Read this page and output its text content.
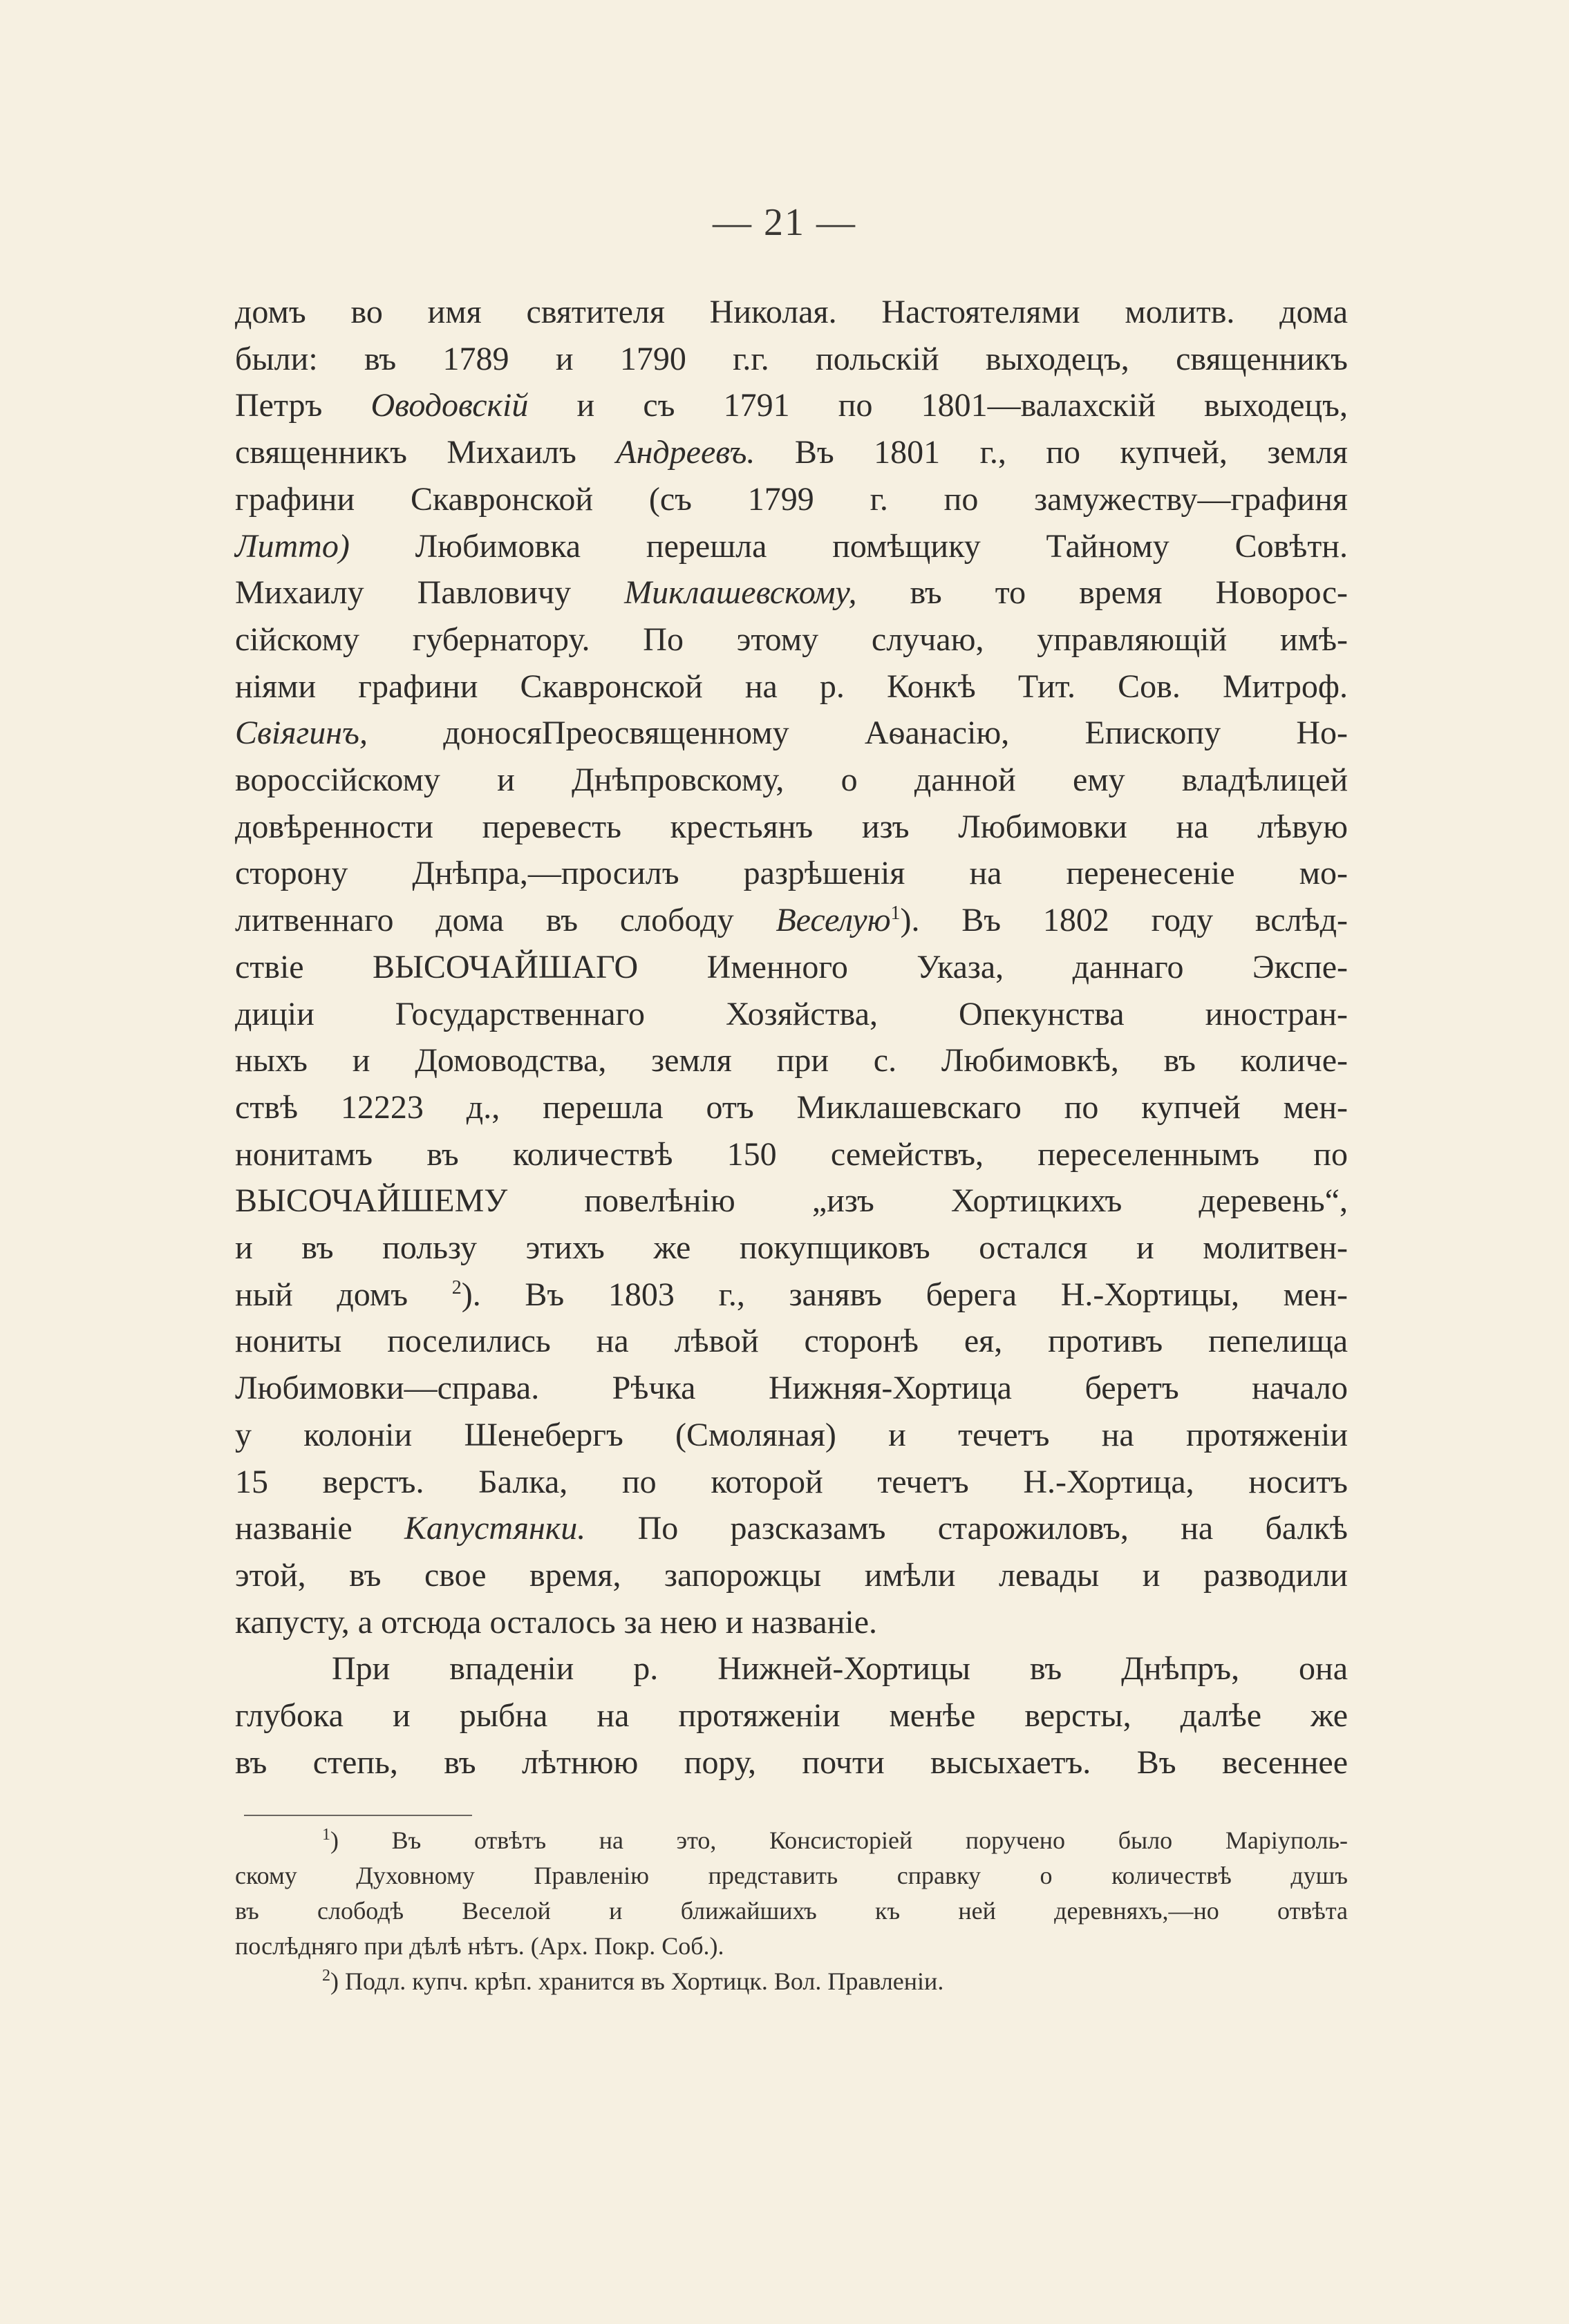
— 21 —
домъ во имя святителя Николая. Настоятелями молитв. дома
были: въ 1789 и 1790 г.г. польскій выходецъ, священникъ
Петръ Оводовскій и съ 1791 по 1801—валахскій выходецъ,
священникъ Михаилъ Андреевъ. Въ 1801 г., по купчей, земля
графини Скавронской (съ 1799 г. по замужеству—графиня
Литто) Любимовка перешла помѣщику Тайному Совѣтн.
Михаилу Павловичу Миклашевскому, въ то время Новорос-
сійскому губернатору. По этому случаю, управляющій имѣ-
ніями графини Скавронской на р. Конкѣ Тит. Сов. Митроф.
Свіягинъ, доносяПреосвященному Аѳанасію, Епископу Но-
вороссійскому и Днѣпровскому, о данной ему владѣлицей
довѣренности перевесть крестьянъ изъ Любимовки на лѣвую
сторону Днѣпра,—просилъ разрѣшенія на перенесеніе мо-
литвеннаго дома въ слободу Веселую$^1$). Въ 1802 году вслѣд-
ствіе ВЫСОЧАЙШАГО Именного Указа, даннаго Экспе-
диціи Государственнаго Хозяйства, Опекунства иностран-
ныхъ и Домоводства, земля при с. Любимовкѣ, въ количе-
ствѣ 12223 д., перешла отъ Миклашевскаго по купчей мен-
нонитамъ въ количествѣ 150 семействъ, переселеннымъ по
ВЫСОЧАЙШЕМУ повелѣнію „изъ Хортицкихъ деревень“,
и въ пользу этихъ же покупщиковъ остался и молитвен-
ный домъ $^2$). Въ 1803 г., занявъ берега Н.-Хортицы, мен-
нониты поселились на лѣвой сторонѣ ея, противъ пепелища
Любимовки—справа. Рѣчка Нижняя-Хортица беретъ начало
у колоніи Шенебергъ (Смоляная) и течетъ на протяженіи
15 верстъ. Балка, по которой течетъ Н.-Хортица, носитъ
названіе Капустянки. По разсказамъ старожиловъ, на балкѣ
этой, въ свое время, запорожцы имѣли левады и разводили
капусту, а отсюда осталось за нею и названіе.
При впаденіи р. Нижней-Хортицы въ Днѣпръ, она
глубока и рыбна на протяженіи менѣе версты, далѣе же
въ степь, въ лѣтнюю пору, почти высыхаетъ. Въ весеннее
$^1$) Въ отвѣтъ на это, Консисторіей поручено было Маріуполь-
скому Духовному Правленію представить справку о количествѣ душъ
въ слободѣ Веселой и ближайшихъ къ ней деревняхъ,—но отвѣта
послѣдняго при дѣлѣ нѣтъ. (Арх. Покр. Соб.).
$^2$) Подл. купч. крѣп. хранится въ Хортицк. Вол. Правленіи.
